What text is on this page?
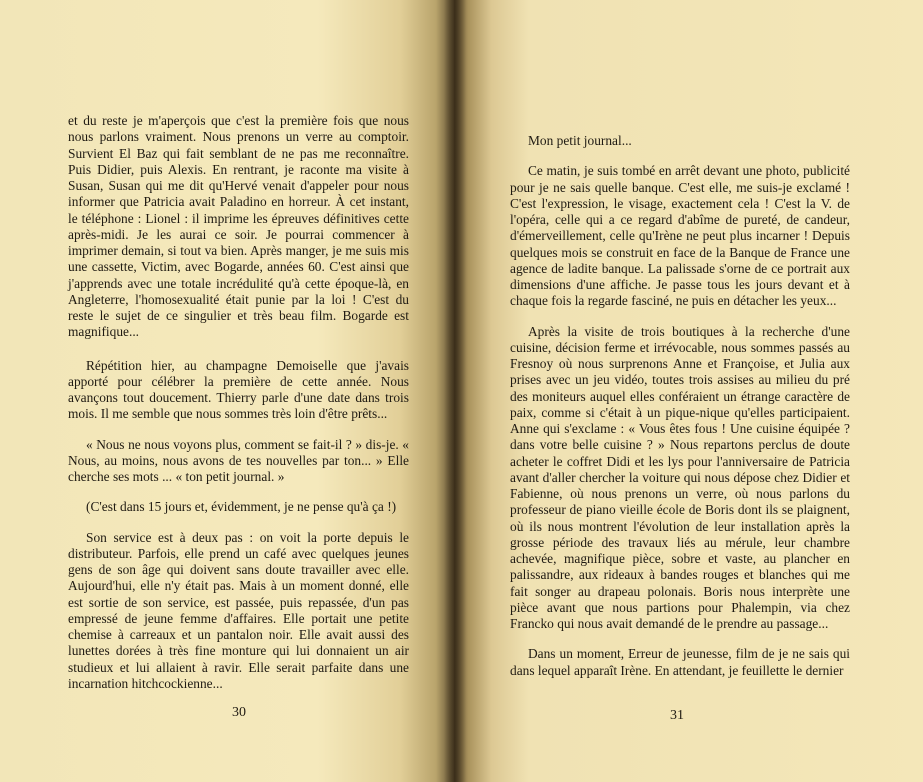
et du reste je m'aperçois que c'est la première fois que nous nous parlons vraiment. Nous prenons un verre au comptoir. Survient El Baz qui fait semblant de ne pas me reconnaître. Puis Didier, puis Alexis. En rentrant, je raconte ma visite à Susan, Susan qui me dit qu'Hervé venait d'appeler pour nous informer que Patricia avait Paladino en horreur. À cet instant, le téléphone : Lionel : il imprime les épreuves définitives cette après-midi. Je les aurai ce soir. Je pourrai commencer à imprimer demain, si tout va bien. Après manger, je me suis mis une cassette, Victim, avec Bogarde, années 60. C'est ainsi que j'apprends avec une totale incrédulité qu'à cette époque-là, en Angleterre, l'homosexualité était punie par la loi ! C'est du reste le sujet de ce singulier et très beau film. Bogarde est magnifique...

Répétition hier, au champagne Demoiselle que j'avais apporté pour célébrer la première de cette année. Nous avançons tout doucement. Thierry parle d'une date dans trois mois. Il me semble que nous sommes très loin d'être prêts...

« Nous ne nous voyons plus, comment se fait-il ? » dis-je. « Nous, au moins, nous avons de tes nouvelles par ton... » Elle cherche ses mots ... « ton petit journal. »

(C'est dans 15 jours et, évidemment, je ne pense qu'à ça !)

Son service est à deux pas : on voit la porte depuis le distributeur. Parfois, elle prend un café avec quelques jeunes gens de son âge qui doivent sans doute travailler avec elle. Aujourd'hui, elle n'y était pas. Mais à un moment donné, elle est sortie de son service, est passée, puis repassée, d'un pas empressé de jeune femme d'affaires. Elle portait une petite chemise à carreaux et un pantalon noir. Elle avait aussi des lunettes dorées à très fine monture qui lui donnaient un air studieux et lui allaient à ravir. Elle serait parfaite dans une incarnation hitchcockienne...

30

Mon petit journal...

Ce matin, je suis tombé en arrêt devant une photo, publicité pour je ne sais quelle banque. C'est elle, me suis-je exclamé ! C'est l'expression, le visage, exactement cela ! C'est la V. de l'opéra, celle qui a ce regard d'abîme de pureté, de candeur, d'émerveillement, celle qu'Irène ne peut plus incarner ! Depuis quelques mois se construit en face de la Banque de France une agence de ladite banque. La palissade s'orne de ce portrait aux dimensions d'une affiche. Je passe tous les jours devant et à chaque fois la regarde fasciné, ne puis en détacher les yeux...

Après la visite de trois boutiques à la recherche d'une cuisine, décision ferme et irrévocable, nous sommes passés au Fresnoy où nous surprenons Anne et Françoise, et Julia aux prises avec un jeu vidéo, toutes trois assises au milieu du pré des moniteurs auquel elles conféraient un étrange caractère de paix, comme si c'était à un pique-nique qu'elles participaient. Anne qui s'exclame : « Vous êtes fous ! Une cuisine équipée ? dans votre belle cuisine ? » Nous repartons perclus de doute acheter le coffret Didi et les lys pour l'anniversaire de Patricia avant d'aller chercher la voiture qui nous dépose chez Didier et Fabienne, où nous prenons un verre, où nous parlons du professeur de piano vieille école de Boris dont ils se plaignent, où ils nous montrent l'évolution de leur installation après la grosse période des travaux liés au mérule, leur chambre achevée, magnifique pièce, sobre et vaste, au plancher en palissandre, aux rideaux à bandes rouges et blanches qui me fait songer au drapeau polonais. Boris nous interprète une pièce avant que nous partions pour Phalempin, via chez Francko qui nous avait demandé de le prendre au passage...

Dans un moment, Erreur de jeunesse, film de je ne sais qui dans lequel apparaît Irène. En attendant, je feuillette le dernier

31
